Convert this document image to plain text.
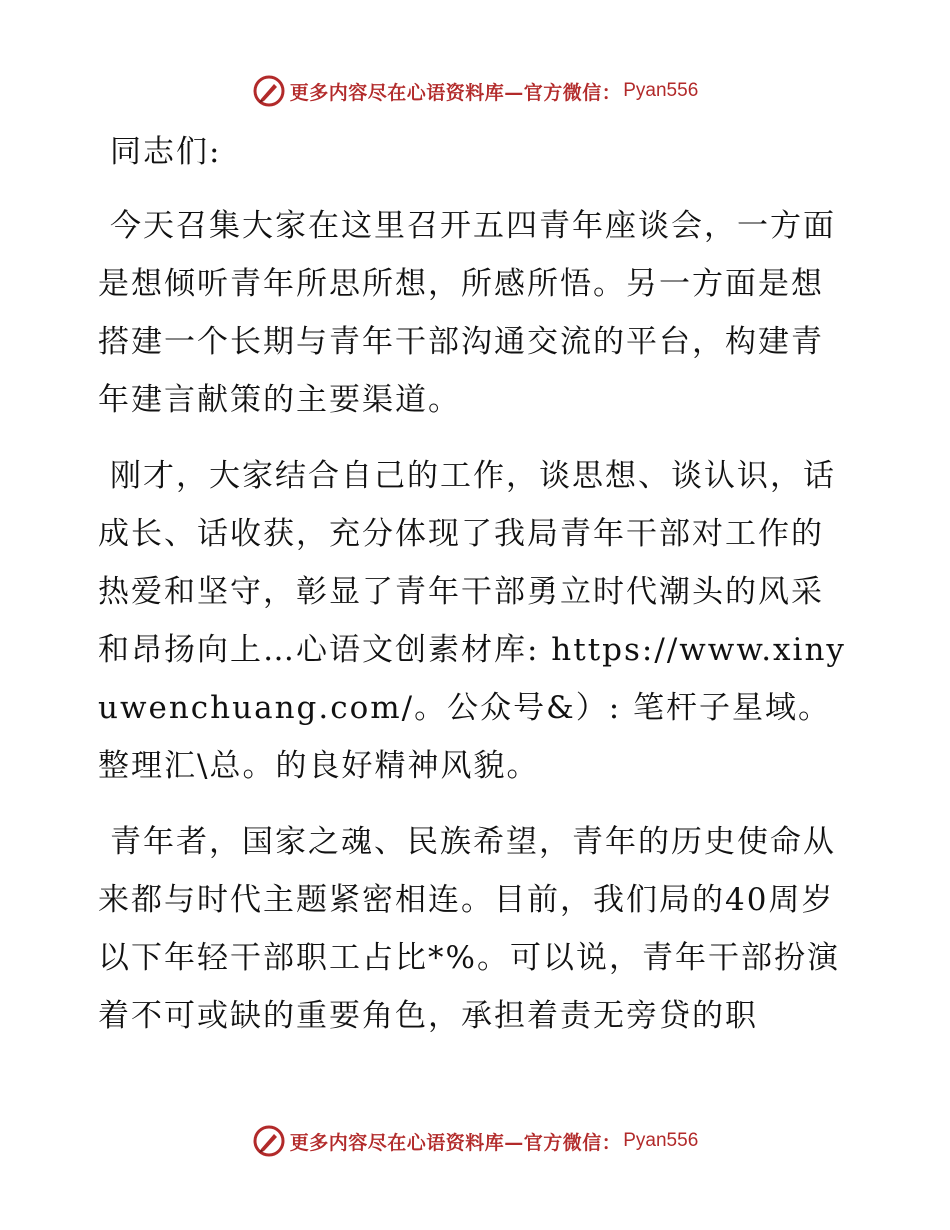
更多内容尽在心语资料库—官方微信： Pyan556

同志们:

今天召集大家在这里召开五四青年座谈会，一方面是想倾听青年所思所想，所感所悟。另一方面是想搭建一个长期与青年干部沟通交流的平台，构建青年建言献策的主要渠道。

刚才，大家结合自己的工作，谈思想、谈认识，话成长、话收获，充分体现了我局青年干部对工作的热爱和坚守，彰显了青年干部勇立时代潮头的风采和昂扬向上…心语文创素材库: https://www.xinyuwenchuang.com/。公众号&）: 笔杆子星域。整理汇\总。的良好精神风貌。

青年者，国家之魂、民族希望，青年的历史使命从来都与时代主题紧密相连。目前，我们局的40周岁以下年轻干部职工占比*%。可以说，青年干部扮演着不可或缺的重要角色，承担着责无旁贷的职

更多内容尽在心语资料库—官方微信： Pyan556
